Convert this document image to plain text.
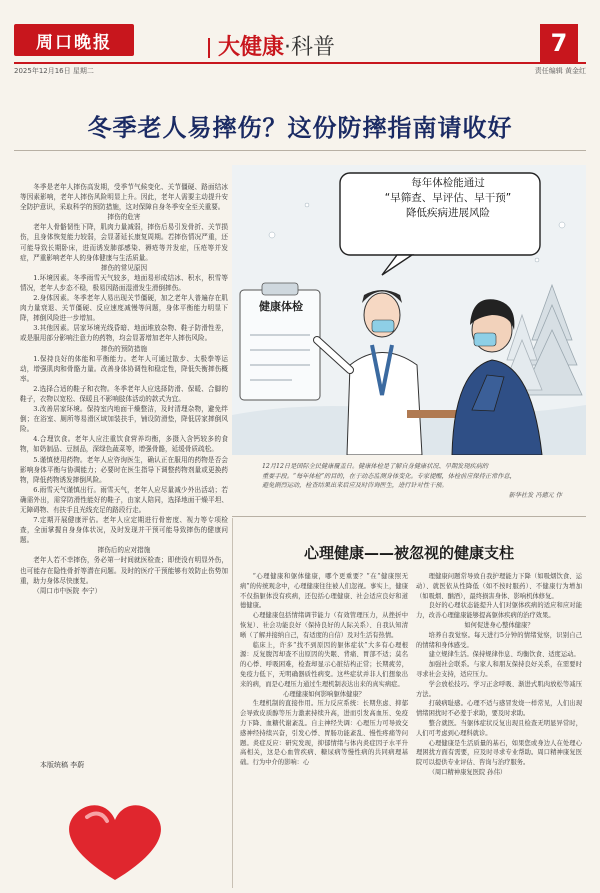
周口晚报	大健康·科普	7
2025年12月16日 星期二	责任编辑 黄金红
冬季老人易摔伤？这份防摔指南请收好

冬季是老年人摔伤高发期，受季节气候变化、关节僵硬、路面结冰等因素影响，老年人摔伤风险明显上升。因此，老年人需要主动提升安全防护意识，采取科学的预防措施，这对保障自身冬季安全至关重要。

摔伤的危害

老年人骨骼韧性下降，肌肉力量减弱，摔伤后易引发骨折、关节损伤，且身体恢复能力较弱，会显著延长康复周期。若摔伤情况严重，还可能导致长期卧床，进而诱发肺部感染、褥疮等并发症，压疮等并发症，严重影响老年人的身体健康与生活质量。

摔伤的常见原因

1.环境因素。冬季雨雪天气较多，地面易形成结冰、积水，积雪等情况，老年人步态不稳，极易因路面湿滑发生滑倒摔伤。

2.身体因素。冬季老年人易出现关节僵硬，加之老年人普遍存在肌肉力量衰退、关节僵硬、反应速度减慢等问题，身体平衡能力明显下降，摔倒风险进一步增加。

3.其他因素。居家环境光线昏暗、地面堆放杂物、鞋子防滑性差，或是服用部分影响注意力的药物，均会显著增加老年人摔伤风险。

摔伤的预防措施

1.保持良好的体能和平衡能力。老年人可通过散步、太极拳等运动，增强肌肉和骨骼力量。改善身体协调性和稳定性，降低失衡摔伤概率。

2.选择合适的鞋子和衣物。冬季老年人应选择防滑、保暖、合脚的鞋子，衣物以宽松、保暖且不影响肢体活动的款式为宜。

3.改善居家环境。保持室内地面干燥整洁，及时清理杂物，避免绊倒；在浴室、厕所等易滑区域加装扶手，铺设防滑垫，降低居家摔倒风险。

4.合理饮食。老年人应注重饮食营养均衡，多摄入含钙较多的食物，如奶制品、豆制品，深绿色蔬菜等，增强骨骼，延缓骨质疏松。

5.谨慎使用药物。老年人应咨询医生，确认正在服用的药物是否会影响身体平衡与协调能力；必要时在医生指导下调整药物剂量或更换药物，降低药物诱发摔倒风险。

6.雨雪天气谨慎出行。雨雪天气，老年人应尽量减少外出活动；若确需外出，需穿防滑性能好的鞋子，由家人陪同，选择地面干燥平坦、无障碍物、有扶手且光线充足的路段行走。

7.定期开展健康评估。老年人应定期进行骨密度、视力等专项检查，全面掌握自身身体状况，及时发现并干预可能导致摔伤的健康问题。

摔伤后的应对措施

老年人若不幸摔伤，务必第一时间就医检查；即使没有明显外伤，也可能存在隐性骨折等潜在问题。及时的医疗干预能够有效防止伤势加重，助力身体尽快康复。

（周口市中医院 李宁）

本版统稿 李蔚
每年体检能通过
“早筛查、早评估、早干预”
降低疾病进展风险
健康体检
12月12日是国际全民健康覆盖日。健康体检是了解自身健康状况、早期发现疾病的
重要手段。“每年体检”的目的，在于动态监测身体变化。专家提醒，体检前应保持正常作息，
避免剧烈运动，检查结果出来后应及时咨询医生，进行针对性干预。
新华社发 冯德元 作
心理健康——被忽视的健康支柱

“心理健康和躯体健康，哪个更重要？”在“健康照无病”的传统观念中，心理健康往往被人们忽视。事实上，健康不仅指躯体没有疾病，还包括心理健康、社会适应良好和道德健康。

心理健康包括情绪调节能力（有效管理压力，从挫折中恢复）、社会功能良好（保持良好的人际关系）、自我认知清晰（了解并接纳自己，有适度的自信）及对生活有热情。

临床上，许多“找不到原因的躯体症状”大多有心理根源：反复腹泻却查不出原因的失眠、背痛、胃部不适；莫名的心悸、呼吸困难，检查却显示心脏结构正常；长期疲劳，免疫力低下，无明确器质性病变。这些症状并非人们想象出来的病，而是心理压力通过生理机制表达出来的真实病症。

心理健康如何影响躯体健康？

生理机制的直接作用。压力反应系统：长期焦虑、抑郁会导致皮质醇等压力激素持续升高，进而引发高血压、免疫力下降、血糖代谢紊乱。自主神经失调：心理压力可导致交感神经持续兴奋，引发心悸、胃肠功能紊乱、慢性疼痛等问题。炎症反应：研究发现，抑郁情绪与体内炎症因子水平升高相关，这是心血管疾病、糖尿病等慢性病的共同病理基础。行为中介的影响：心

理健康问题常导致自我护理能力下降（如吸烟饮食、运动）、就医依从性降低（如不按时服药）、不健康行为增加（如吸烟、酗酒），最终损害身体、影响机体修复。

良好的心理状态能提升人们对躯体疾病的适应和应对能力，改善心理健康能够提高躯体疾病的治疗效果。

如何促进身心整体健康？

培养自我觉察。每天进行5分钟的情绪觉察，识别自己的情绪和身体感受。

建立规律生活。保持规律作息、均衡饮食、适度运动。

加强社会联系。与家人和朋友保持良好关系，在需要时寻求社会支持，适应压力。

学会放松技巧。学习正念呼吸、渐进式肌肉放松等减压方法。

打破病耻感。心理不适与感冒发烧一样常见，人们出现情绪困扰时不必羞于求助，要及时求助。

整合就医。当躯体症状反复出现且检查无明显异常时，人们可考虑到心理科就诊。

心理健康是生活质量的基石，如果您或身边人在处理心理困扰方面有需要，应及时寻求专业帮助。周口精神康复医院可以提供专业评估、咨询与治疗服务。

（周口精神康复医院 孙伟）
